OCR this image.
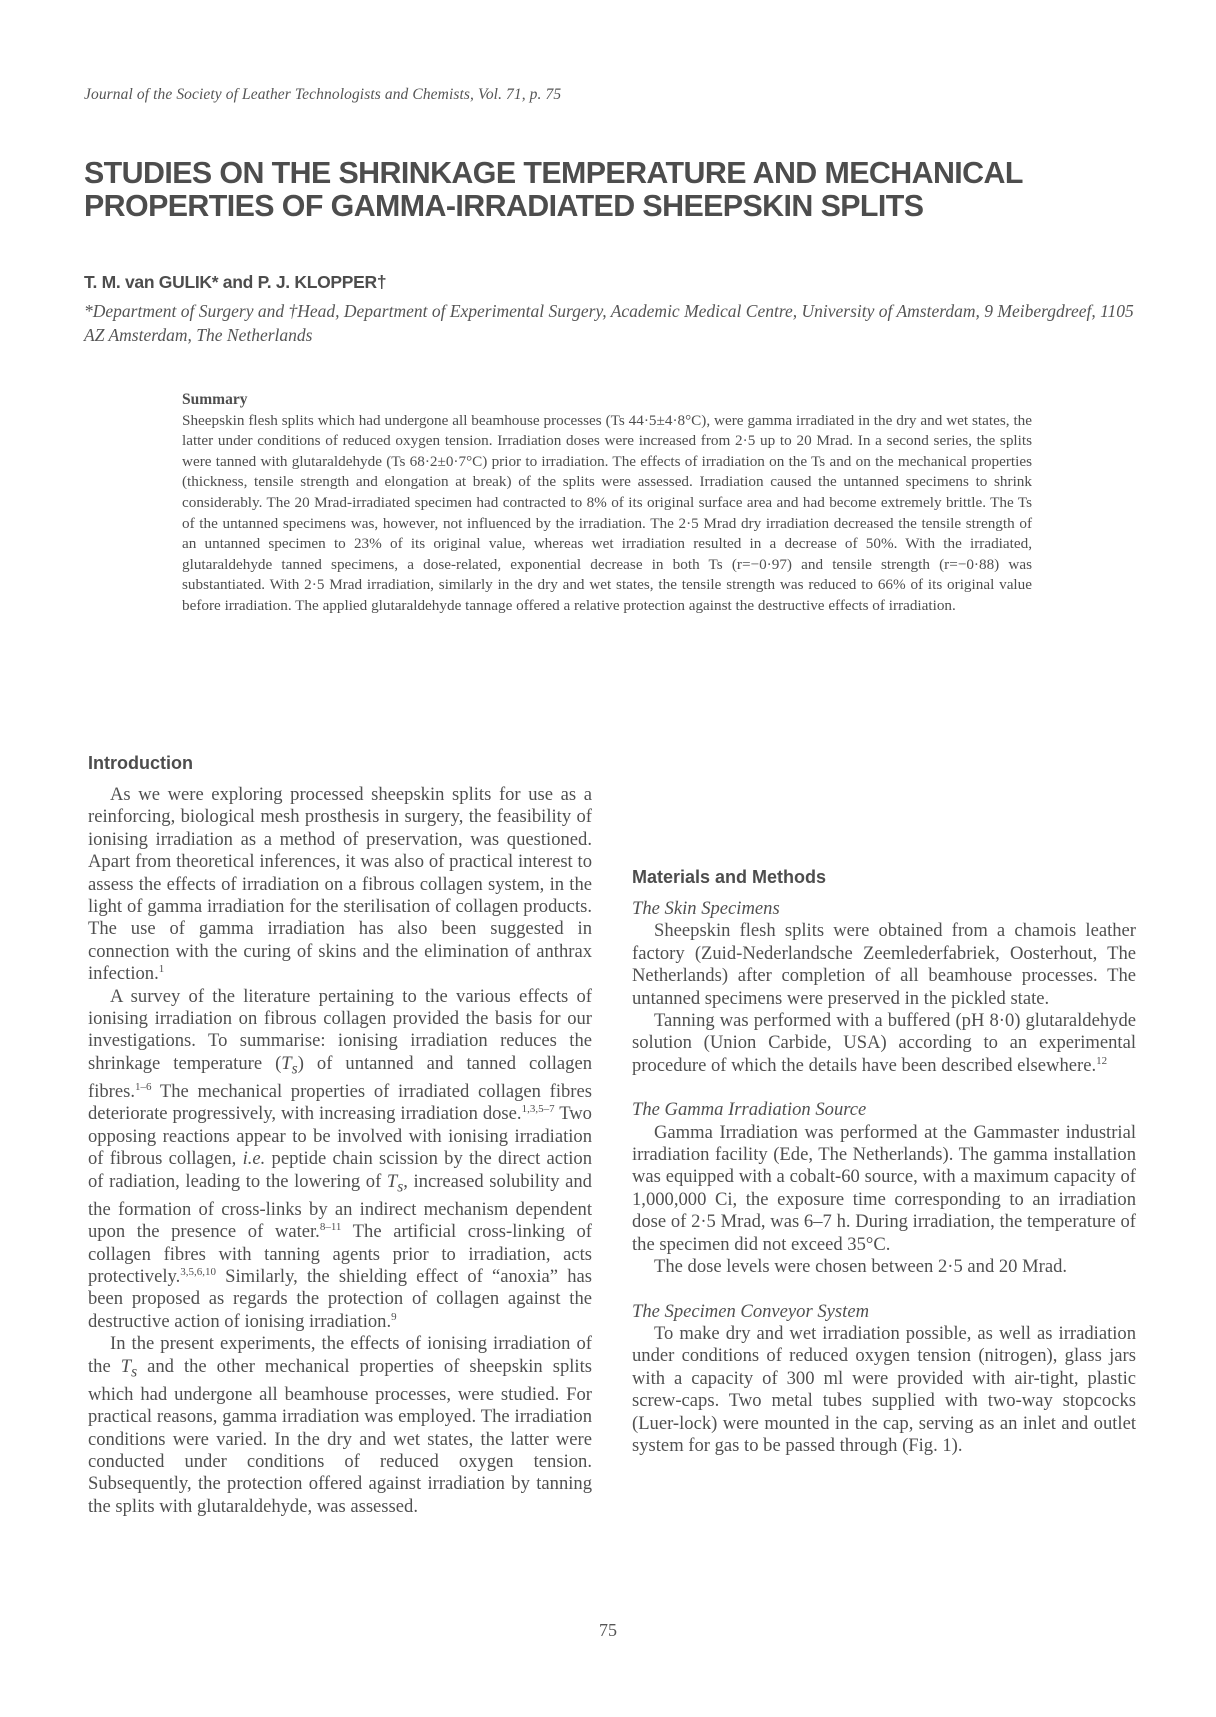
Journal of the Society of Leather Technologists and Chemists, Vol. 71, p. 75
STUDIES ON THE SHRINKAGE TEMPERATURE AND MECHANICAL PROPERTIES OF GAMMA-IRRADIATED SHEEPSKIN SPLITS
T. M. van GULIK* and P. J. KLOPPER†
*Department of Surgery and †Head, Department of Experimental Surgery, Academic Medical Centre, University of Amsterdam, 9 Meibergdreef, 1105 AZ Amsterdam, The Netherlands
Summary
Sheepskin flesh splits which had undergone all beamhouse processes (Ts 44·5±4·8°C), were gamma irradiated in the dry and wet states, the latter under conditions of reduced oxygen tension. Irradiation doses were increased from 2·5 up to 20 Mrad. In a second series, the splits were tanned with glutaraldehyde (Ts 68·2±0·7°C) prior to irradiation. The effects of irradiation on the Ts and on the mechanical properties (thickness, tensile strength and elongation at break) of the splits were assessed. Irradiation caused the untanned specimens to shrink considerably. The 20 Mrad-irradiated specimen had contracted to 8% of its original surface area and had become extremely brittle. The Ts of the untanned specimens was, however, not influenced by the irradiation. The 2·5 Mrad dry irradiation decreased the tensile strength of an untanned specimen to 23% of its original value, whereas wet irradiation resulted in a decrease of 50%. With the irradiated, glutaraldehyde tanned specimens, a dose-related, exponential decrease in both Ts (r=−0·97) and tensile strength (r=−0·88) was substantiated. With 2·5 Mrad irradiation, similarly in the dry and wet states, the tensile strength was reduced to 66% of its original value before irradiation. The applied glutaraldehyde tannage offered a relative protection against the destructive effects of irradiation.
Introduction

As we were exploring processed sheepskin splits for use as a reinforcing, biological mesh prosthesis in surgery, the feasibility of ionising irradiation as a method of preservation, was questioned. Apart from theoretical inferences, it was also of practical interest to assess the effects of irradiation on a fibrous collagen system, in the light of gamma irradiation for the sterilisation of collagen products. The use of gamma irradiation has also been suggested in connection with the curing of skins and the elimination of anthrax infection.$^1$

A survey of the literature pertaining to the various effects of ionising irradiation on fibrous collagen provided the basis for our investigations. To summarise: ionising irradiation reduces the shrinkage temperature $(T_s)$ of untanned and tanned collagen fibres.$^{1-6}$ The mechanical properties of irradiated collagen fibres deteriorate progressively, with increasing irradiation dose.$^{1,3,5-7}$ Two opposing reactions appear to be involved with ionising irradiation of fibrous collagen, i.e. peptide chain scission by the direct action of radiation, leading to the lowering of $T_s$, increased solubility and the formation of cross-links by an indirect mechanism dependent upon the presence of water.$^{8-11}$ The artificial cross-linking of collagen fibres with tanning agents prior to irradiation, acts protectively.$^{3,5,6,10}$ Similarly, the shielding effect of “anoxia” has been proposed as regards the protection of collagen against the destructive action of ionising irradiation.$^9$

In the present experiments, the effects of ionising irradiation of the $T_s$ and the other mechanical properties of sheepskin splits which had undergone all beamhouse processes, were studied. For practical reasons, gamma irradiation was employed. The irradiation conditions were varied. In the dry and wet states, the latter were conducted under conditions of reduced oxygen tension. Subsequently, the protection offered against irradiation by tanning the splits with glutaraldehyde, was assessed.

Materials and Methods

The Skin Specimens

Sheepskin flesh splits were obtained from a chamois leather factory (Zuid-Nederlandsche Zeemlederfabriek, Oosterhout, The Netherlands) after completion of all beamhouse processes. The untanned specimens were preserved in the pickled state.

Tanning was performed with a buffered (pH 8·0) glutaraldehyde solution (Union Carbide, USA) according to an experimental procedure of which the details have been described elsewhere.$^{12}$

The Gamma Irradiation Source

Gamma Irradiation was performed at the Gammaster industrial irradiation facility (Ede, The Netherlands). The gamma installation was equipped with a cobalt-60 source, with a maximum capacity of 1,000,000 Ci, the exposure time corresponding to an irradiation dose of 2·5 Mrad, was 6–7 h. During irradiation, the temperature of the specimen did not exceed 35°C.

The dose levels were chosen between 2·5 and 20 Mrad.

The Specimen Conveyor System

To make dry and wet irradiation possible, as well as irradiation under conditions of reduced oxygen tension (nitrogen), glass jars with a capacity of 300 ml were provided with air-tight, plastic screw-caps. Two metal tubes supplied with two-way stopcocks (Luer-lock) were mounted in the cap, serving as an inlet and outlet system for gas to be passed through (Fig. 1).

75
